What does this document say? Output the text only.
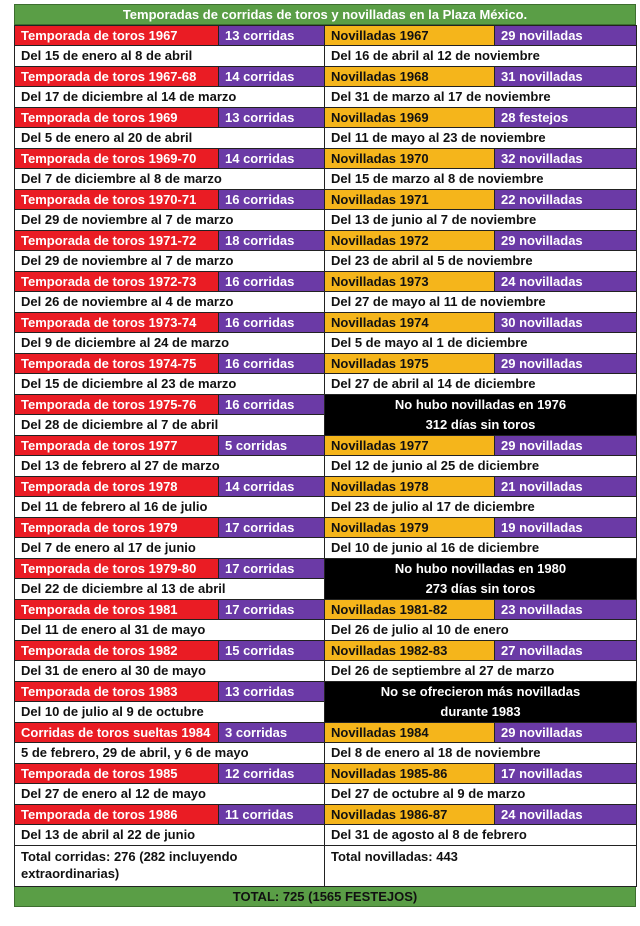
Temporadas de corridas de toros y novilladas en la Plaza México.
Temporada de toros 1967	13 corridas	Novilladas 1967	29 novilladas
Del 15 de enero al 8 de abril		Del 16 de abril al 12 de noviembre	
Temporada de toros 1967-68	14 corridas	Novilladas 1968	31 novilladas
Del 17 de diciembre al 14 de marzo		Del 31 de marzo al 17 de noviembre	
Temporada de toros 1969	13 corridas	Novilladas 1969	28 festejos
Del 5 de enero al 20 de abril		Del 11 de mayo al 23 de noviembre	
Temporada de toros 1969-70	14 corridas	Novilladas 1970	32 novilladas
Del 7 de diciembre al 8 de marzo		Del 15 de marzo al 8 de noviembre	
Temporada de toros 1970-71	16 corridas	Novilladas 1971	22 novilladas
Del 29 de noviembre al 7 de marzo		Del 13 de junio al 7 de noviembre	
Temporada de toros 1971-72	18 corridas	Novilladas 1972	29 novilladas
Del 29 de noviembre al 7 de marzo		Del 23 de abril al 5 de noviembre	
Temporada de toros 1972-73	16 corridas	Novilladas 1973	24 novilladas
Del 26 de noviembre al 4 de marzo		Del 27 de mayo al 11 de noviembre	
Temporada de toros 1973-74	16 corridas	Novilladas 1974	30 novilladas
Del 9 de diciembre al 24 de marzo		Del 5 de mayo al 1 de diciembre	
Temporada de toros 1974-75	16 corridas	Novilladas 1975	29 novilladas
Del 15 de diciembre al 23 de marzo		Del 27 de abril al 14 de diciembre	
Temporada de toros 1975-76	16 corridas	No hubo novilladas en 1976
312 días sin toros	

Del 28 de diciembre al 7 de abril			
Temporada de toros 1977	5 corridas	Novilladas 1977	29 novilladas
Del 13 de febrero al 27 de marzo		Del 12 de junio al 25 de diciembre	
Temporada de toros 1978	14 corridas	Novilladas 1978	21 novilladas
Del 11 de febrero al 16 de julio		Del 23 de julio al 17 de diciembre	
Temporada de toros 1979	17 corridas	Novilladas 1979	19 novilladas
Del 7 de enero al 17 de junio		Del 10 de junio al 16 de diciembre	
Temporada de toros 1979-80	17 corridas	No hubo novilladas en 1980
273 días sin toros	

Del 22 de diciembre al 13 de abril			
Temporada de toros 1981	17 corridas	Novilladas 1981-82	23 novilladas
Del 11 de enero al 31 de mayo		Del 26 de julio al 10 de enero	
Temporada de toros 1982	15 corridas	Novilladas 1982-83	27 novilladas
Del 31 de enero al 30 de mayo		Del 26 de septiembre al 27 de marzo	
Temporada de toros 1983	13 corridas	No se ofrecieron más novilladas
durante 1983	

Del 10 de julio al 9 de octubre			
Corridas de toros sueltas 1984	3 corridas	Novilladas 1984	29 novilladas
5 de febrero, 29 de abril, y 6 de mayo		Del 8 de enero al 18 de noviembre	
Temporada de toros 1985	12 corridas	Novilladas 1985-86	17 novilladas
Del 27 de enero al 12 de mayo		Del 27 de octubre al 9 de marzo	
Temporada de toros 1986	11 corridas	Novilladas 1986-87	24 novilladas
Del 13 de abril al 22 de junio		Del 31 de agosto al 8 de febrero	
Total corridas: 276 (282 incluyendo extraordinarias)		Total novilladas: 443	
TOTAL: 725 (1565 FESTEJOS)
